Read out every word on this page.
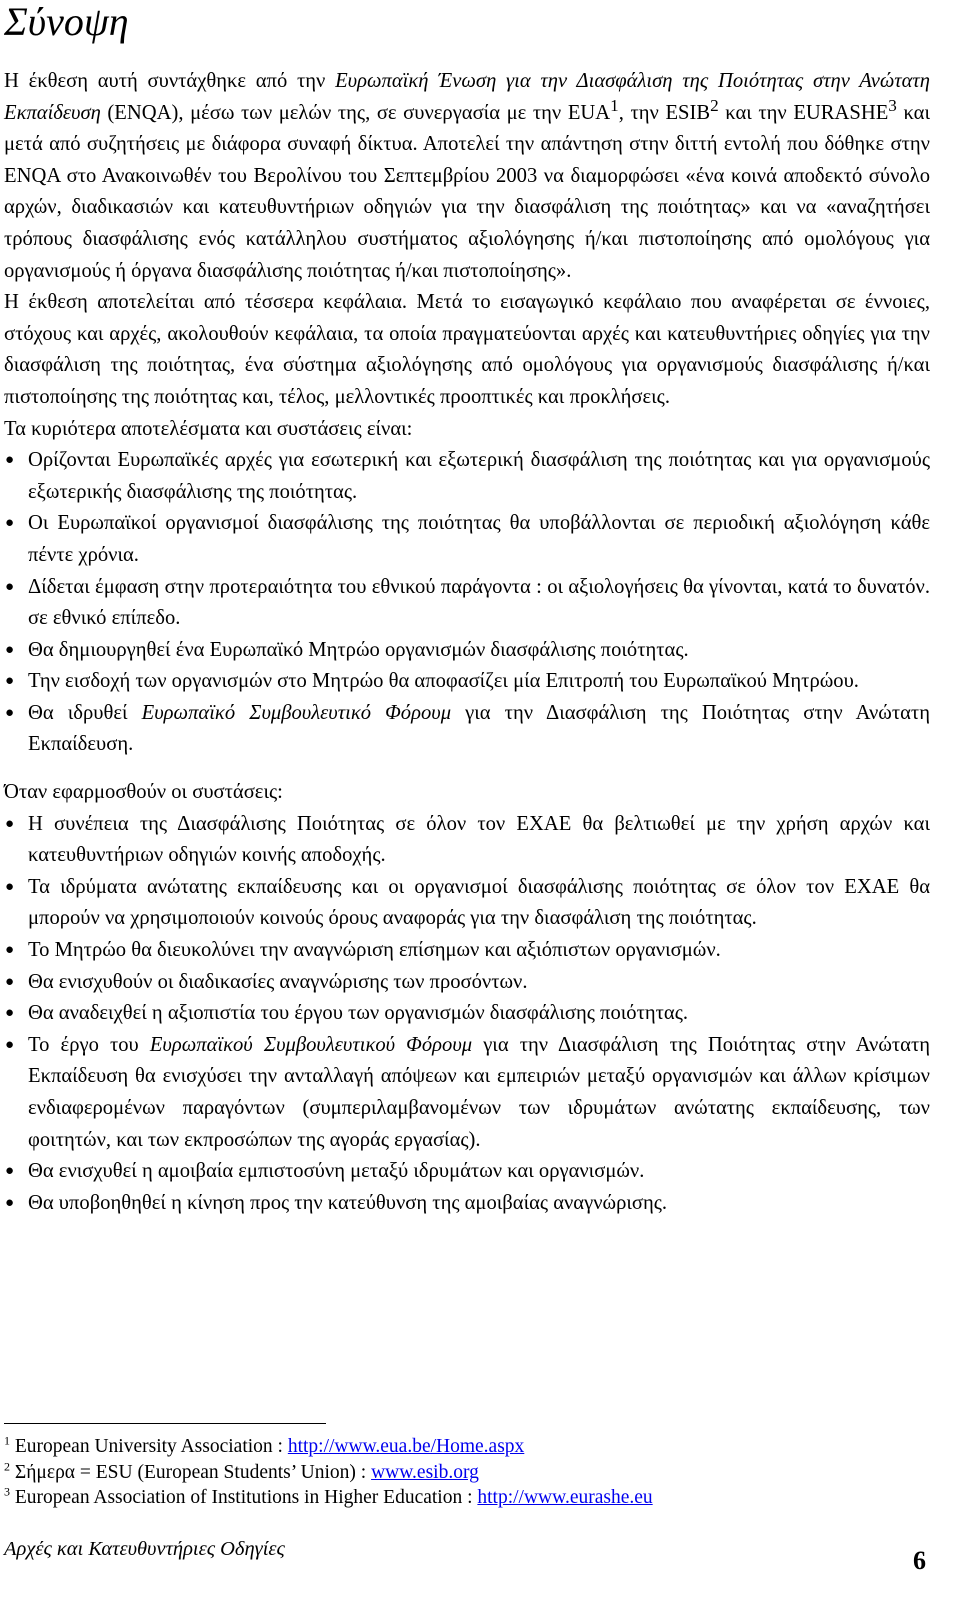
Σύνοψη

Η έκθεση αυτή συντάχθηκε από την Ευρωπαϊκή Ένωση για την Διασφάλιση της Ποιότητας στην Ανώτατη Εκπαίδευση (ENQA), μέσω των μελών της, σε συνεργασία με την EUA$^1$, την ESIB$^2$ και την EURASHE$^3$ και μετά από συζητήσεις με διάφορα συναφή δίκτυα. Αποτελεί την απάντηση στην διττή εντολή που δόθηκε στην ENQA στο Ανακοινωθέν του Βερολίνου του Σεπτεμβρίου 2003 να διαμορφώσει «ένα κοινά αποδεκτό σύνολο αρχών, διαδικασιών και κατευθυντήριων οδηγιών για την διασφάλιση της ποιότητας» και να «αναζητήσει τρόπους διασφάλισης ενός κατάλληλου συστήματος αξιολόγησης ή/και πιστοποίησης από ομολόγους για οργανισμούς ή όργανα διασφάλισης ποιότητας ή/και πιστοποίησης».

Η έκθεση αποτελείται από τέσσερα κεφάλαια. Μετά το εισαγωγικό κεφάλαιο που αναφέρεται σε έννοιες, στόχους και αρχές, ακολουθούν κεφάλαια, τα οποία πραγματεύονται αρχές και κατευθυντήριες οδηγίες για την διασφάλιση της ποιότητας, ένα σύστημα αξιολόγησης από ομολόγους για οργανισμούς διασφάλισης ή/και πιστοποίησης της ποιότητας και, τέλος, μελλοντικές προοπτικές και προκλήσεις.

Τα κυριότερα αποτελέσματα και συστάσεις είναι:

● Ορίζονται Ευρωπαϊκές αρχές για εσωτερική και εξωτερική διασφάλιση της ποιότητας και για οργανισμούς εξωτερικής διασφάλισης της ποιότητας.
● Οι Ευρωπαϊκοί οργανισμοί διασφάλισης της ποιότητας θα υποβάλλονται σε περιοδική αξιολόγηση κάθε πέντε χρόνια.
● Δίδεται έμφαση στην προτεραιότητα του εθνικού παράγοντα : οι αξιολογήσεις θα γίνονται, κατά το δυνατόν. σε εθνικό επίπεδο.
● Θα δημιουργηθεί ένα Ευρωπαϊκό Μητρώο οργανισμών διασφάλισης ποιότητας.
● Την εισδοχή των οργανισμών στο Μητρώο θα αποφασίζει μία Επιτροπή του Ευρωπαϊκού Μητρώου.
● Θα ιδρυθεί Ευρωπαϊκό Συμβουλευτικό Φόρουμ για την Διασφάλιση της Ποιότητας στην Ανώτατη Εκπαίδευση.

Όταν εφαρμοσθούν οι συστάσεις:

● Η συνέπεια της Διασφάλισης Ποιότητας σε όλον τον ΕΧΑΕ θα βελτιωθεί με την χρήση αρχών και κατευθυντήριων οδηγιών κοινής αποδοχής.
● Τα ιδρύματα ανώτατης εκπαίδευσης και οι οργανισμοί διασφάλισης ποιότητας σε όλον τον ΕΧΑΕ θα μπορούν να χρησιμοποιούν κοινούς όρους αναφοράς για την διασφάλιση της ποιότητας.
● Το Μητρώο θα διευκολύνει την αναγνώριση επίσημων και αξιόπιστων οργανισμών.
● Θα ενισχυθούν οι διαδικασίες αναγνώρισης των προσόντων.
● Θα αναδειχθεί η αξιοπιστία του έργου των οργανισμών διασφάλισης ποιότητας.
● Το έργο του Ευρωπαϊκού Συμβουλευτικού Φόρουμ για την Διασφάλιση της Ποιότητας στην Ανώτατη Εκπαίδευση θα ενισχύσει την ανταλλαγή απόψεων και εμπειριών μεταξύ οργανισμών και άλλων κρίσιμων ενδιαφερομένων παραγόντων (συμπεριλαμβανομένων των ιδρυμάτων ανώτατης εκπαίδευσης, των φοιτητών, και των εκπροσώπων της αγοράς εργασίας).
● Θα ενισχυθεί η αμοιβαία εμπιστοσύνη μεταξύ ιδρυμάτων και οργανισμών.
● Θα υποβοηθηθεί η κίνηση προς την κατεύθυνση της αμοιβαίας αναγνώρισης.
$^1$ European University Association : http://www.eua.be/Home.aspx
$^2$ Σήμερα = ESU (European Students’ Union) : www.esib.org
$^3$ European Association of Institutions in Higher Education : http://www.eurashe.eu
Αρχές και Κατευθυντήριες Οδηγίες	6
